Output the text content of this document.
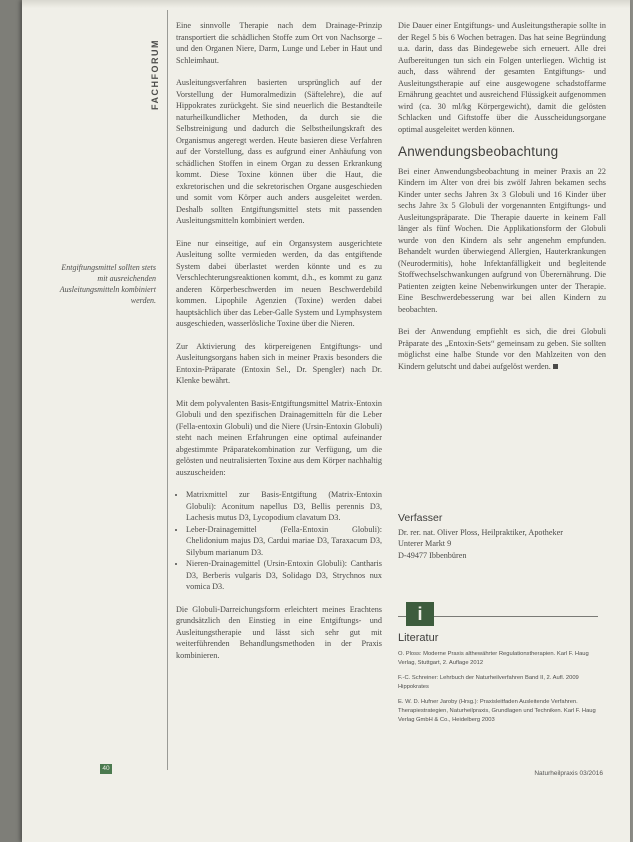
FACHFORUM
Entgiftungsmittel sollten stets mit ausreichenden Ausleitungsmitteln kombiniert werden.

Eine sinnvolle Therapie nach dem Drainage-Prinzip transportiert die schädlichen Stoffe zum Ort von Nachsorge – und den Organen Niere, Darm, Lunge und Leber in Haut und Schleimhaut.

Ausleitungsverfahren basierten ursprünglich auf der Vorstellung der Humoralmedizin (Säftelehre), die auf Hippokrates zurückgeht. Sie sind neuerlich die Bestandteile naturheilkundlicher Methoden, da durch sie die Selbstreinigung und dadurch die Selbstheilungskraft des Organismus angeregt werden. Heute basieren diese Verfahren auf der Vorstellung, dass es aufgrund einer Anhäufung von schädlichen Stoffen in einem Organ zu dessen Erkrankung kommt. Diese Toxine können über die Haut, die exkretorischen und die sekretorischen Organe ausgeschieden und somit vom Körper auch anders ausgeleitet werden. Deshalb sollten Entgiftungsmittel stets mit passenden Ausleitungsmitteln kombiniert werden.

Eine nur einseitige, auf ein Organsystem ausgerichtete Ausleitung sollte vermieden werden, da das entgiftende System dabei überlastet werden könnte und es zu Verschlechterungsreaktionen kommt, d.h., es kommt zu ganz anderen Körperbeschwerden im neuen Beschwerdebild kommen. Lipophile Agenzien (Toxine) werden dabei hauptsächlich über das Leber-Galle System und Lymphsystem ausgeschieden, wasserlösliche Toxine über die Nieren.

Zur Aktivierung des körpereigenen Entgiftungs- und Ausleitungsorgans haben sich in meiner Praxis besonders die Entoxin-Präparate (Entoxin Sel., Dr. Spengler) nach Dr. Klenke bewährt.

Mit dem polyvalenten Basis-Entgiftungsmittel Matrix-Entoxin Globuli und den spezifischen Drainagemitteln für die Leber (Fella-entoxin Globuli) und die Niere (Ursin-Entoxin Globuli) steht nach meinen Erfahrungen eine optimal aufeinander abgestimmte Präparatekombination zur Verfügung, um die gelösten und neutralisierten Toxine aus dem Körper nachhaltig auszuscheiden:

• Matrixmittel zur Basis-Entgiftung (Matrix-Entoxin Globuli): Aconitum napellus D3, Bellis perennis D3, Lachesis mutus D3, Lycopodium clavatum D3.
• Leber-Drainagemittel (Fella-Entoxin Globuli): Chelidonium majus D3, Cardui mariae D3, Taraxacum D3, Silybum marianum D3.
• Nieren-Drainagemittel (Ursin-Entoxin Globuli): Cantharis D3, Berberis vulgaris D3, Solidago D3, Strychnos nux vomica D3.

Die Globuli-Darreichungsform erleichtert meines Erachtens grundsätzlich den Einstieg in eine Entgiftungs- und Ausleitungstherapie und lässt sich sehr gut mit weiterführenden Behandlungsmethoden in der Praxis kombinieren.

Die Dauer einer Entgiftungs- und Ausleitungstherapie sollte in der Regel 5 bis 6 Wochen betragen. Das hat seine Begründung u.a. darin, dass das Bindegewebe sich erneuert. Alle drei Aufbereitungen tun sich ein Folgen unterliegen. Wichtig ist auch, dass während der gesamten Entgiftungs- und Ausleitungstherapie auf eine ausgewogene schadstoffarme Ernährung geachtet und ausreichend Flüssigkeit aufgenommen wird (ca. 30 ml/kg Körpergewicht), damit die gelösten Schlacken und Giftstoffe über die Ausscheidungsorgane optimal ausgeleitet werden können.

Anwendungsbeobachtung

Bei einer Anwendungsbeobachtung in meiner Praxis an 22 Kindern im Alter von drei bis zwölf Jahren bekamen sechs Kinder unter sechs Jahren 3x 3 Globuli und 16 Kinder über sechs Jahre 3x 5 Globuli der vorgenannten Entgiftungs- und Ausleitungspräparate. Die Therapie dauerte in keinem Fall länger als fünf Wochen. Die Applikationsform der Globuli wurde von den Kindern als sehr angenehm empfunden. Behandelt wurden überwiegend Allergien, Hauterkrankungen (Neurodermitis), hohe Infektanfälligkeit und begleitende Stoffwechselschwankungen aufgrund von Überernährung. Die Patienten zeigten keine Nebenwirkungen unter der Therapie. Eine Beschwerdebesserung war bei allen Kindern zu beobachten.

Bei der Anwendung empfiehlt es sich, die drei Globuli Präparate des „Entoxin-Sets“ gemeinsam zu geben. Sie sollten möglichst eine halbe Stunde vor den Mahlzeiten von den Kindern gelutscht und dabei aufgelöst werden.

Verfasser
Dr. rer. nat. Oliver Ploss, Heilpraktiker, Apotheker
Unterer Markt 9
D-49477 Ibbenbüren
i
Literatur

O. Ploss: Moderne Praxis althewährter Regulationstherapien. Karl F. Haug Verlag, Stuttgart, 2. Auflage 2012

F.-C. Schreiner: Lehrbuch der Naturheilverfahren Band II, 2. Aufl. 2009 Hippokrates

E. W. D. Hufner Jaroby (Hrsg.): Praxisleitfaden Ausleitende Verfahren. Therapiestrategien, Naturheilpraxis, Grundlagen und Techniken. Karl F. Haug Verlag GmbH & Co., Heidelberg 2003

40
Naturheilpraxis 03/2016
